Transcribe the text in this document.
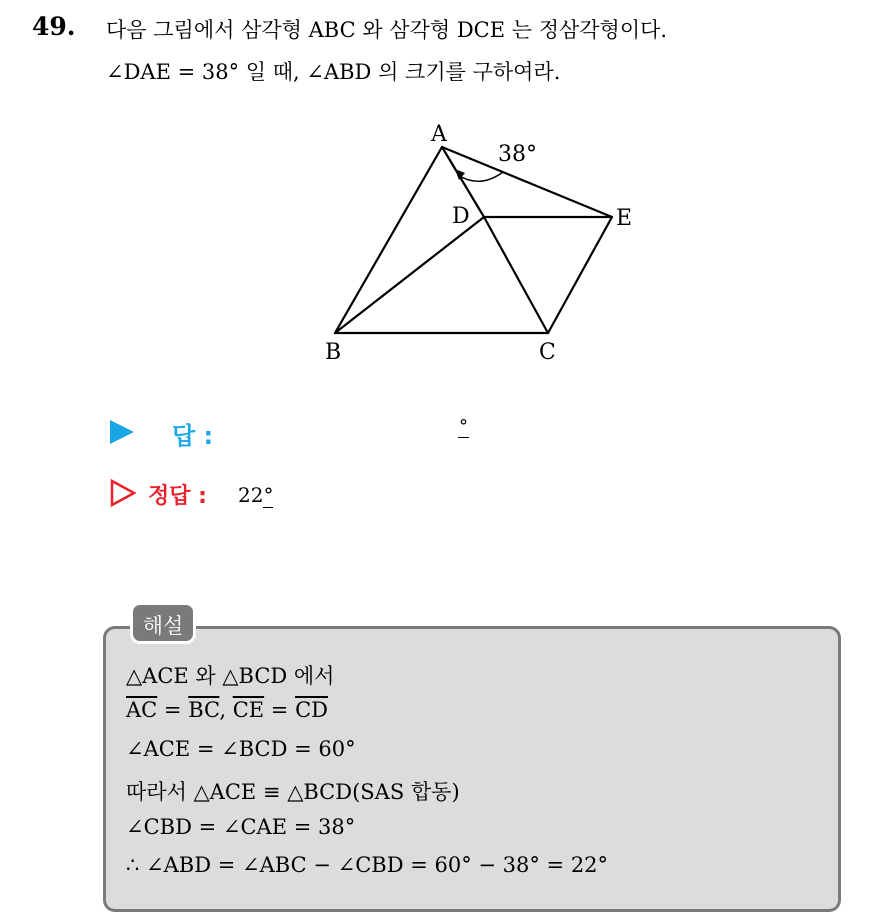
49. 다음 그림에서 삼각형 ABC 와 삼각형 DCE 는 정삼각형이다.
∠DAE = 38° 일 때, ∠ABD 의 크기를 구하여라.
A
B	C
D	E
38°
답 :	°
정답 : 22°
해설
△ACE 와 △BCD 에서
$\overline{AC} = \overline{BC}$, $\overline{CE} = \overline{CD}$
∠ACE = ∠BCD = 60°
따라서 △ACE ≡ △BCD(SAS 합동)
∠CBD = ∠CAE = 38°
∴ ∠ABD = ∠ABC − ∠CBD = 60° − 38° = 22°
